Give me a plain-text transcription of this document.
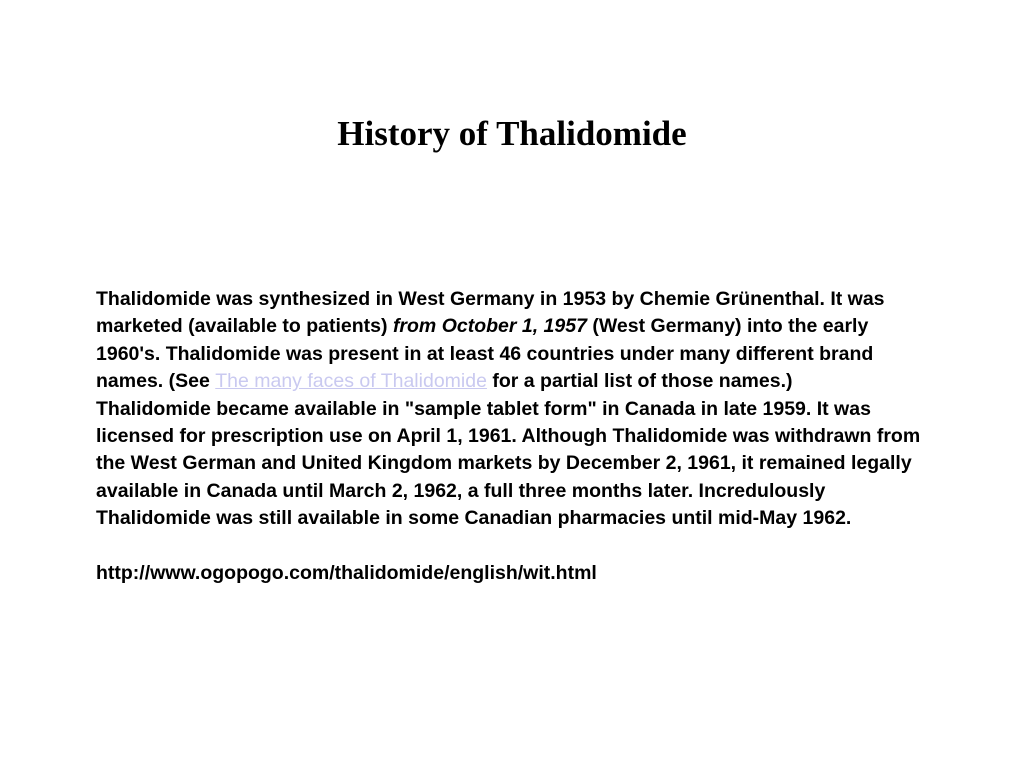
History of Thalidomide

Thalidomide was synthesized in West Germany in 1953 by Chemie Grünenthal. It was marketed (available to patients) from October 1, 1957 (West Germany) into the early 1960's. Thalidomide was present in at least 46 countries under many different brand names. (See The many faces of Thalidomide for a partial list of those names.)

Thalidomide became available in "sample tablet form" in Canada in late 1959. It was licensed for prescription use on April 1, 1961. Although Thalidomide was withdrawn from the West German and United Kingdom markets by December 2, 1961, it remained legally available in Canada until March 2, 1962, a full three months later. Incredulously Thalidomide was still available in some Canadian pharmacies until mid-May 1962.

http://www.ogopogo.com/thalidomide/english/wit.html
